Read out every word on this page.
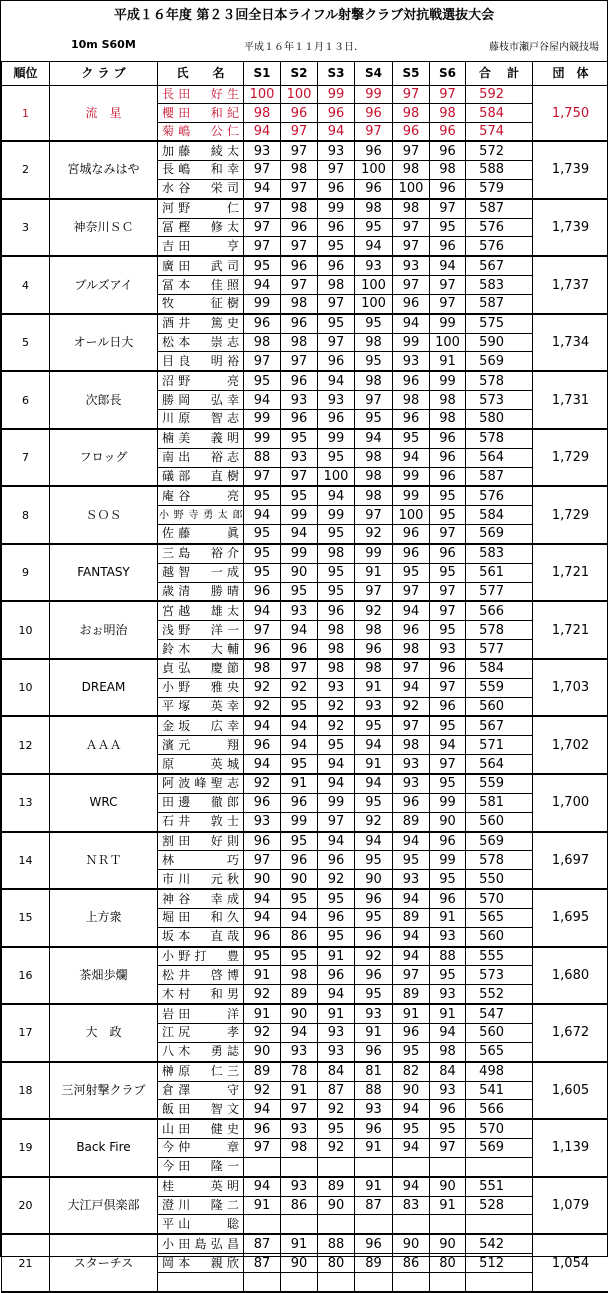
平成１６年度 第２３回全日本ライフル射撃クラブ対抗戦選抜大会
10m S60M	平成１６年１１月１３日.	藤枝市瀬戸谷屋内競技場
順位	ク ラ ブ	氏　　名	S1	S2	S3	S4	S5	S6	合　 計	団　体
1	流　星	長田　好生	100	100	99	99	97	97	592	1,750
		櫻田　和紀	98	96	96	96	98	98	584	
		菊嶋　公仁	94	97	94	97	96	96	574	
2	宮城なみはや	加藤　綾太	93	97	93	96	97	96	572	1,739
		長嶋　和幸	97	98	97	100	98	98	588	
		水谷　栄司	94	97	96	96	100	96	579	
3	神奈川ＳＣ	河野　　仁	97	98	99	98	98	97	587	1,739
		冨樫　修太	97	96	96	95	97	95	576	
		吉田　　亨	97	97	95	94	97	96	576	
4	ブルズアイ	廣田　武司	95	96	96	93	93	94	567	1,737
		冨本　佳照	94	97	98	100	97	97	583	
		牧　　征樹	99	98	97	100	96	97	587	
5	オール日大	酒井　篤史	96	96	95	95	94	99	575	1,734
		松本　崇志	98	98	97	98	99	100	590	
		目良　明裕	97	97	96	95	93	91	569	
6	次郎長	沼野　　亮	95	96	94	98	96	99	578	1,731
		勝岡　弘幸	94	93	93	97	98	98	573	
		川原　智志	99	96	96	95	96	98	580	
7	フロッグ	楠美　義明	99	95	99	94	95	96	578	1,729
		南出　裕志	88	93	95	98	94	96	564	
		礒部　直樹	97	97	100	98	99	96	587	
8	ＳＯＳ	庵谷　　亮	95	95	94	98	99	95	576	1,729
		小野寺勇太郎	94	99	99	97	100	95	584	
		佐藤　　眞	95	94	95	92	96	97	569	
9	FANTASY	三島　裕介	95	99	98	99	96	96	583	1,721
		越智　一成	95	90	95	91	95	95	561	
		歳清　勝晴	96	95	95	97	97	97	577	
10	おぉ明治	宮越　雄太	94	93	96	92	94	97	566	1,721
		浅野　洋一	97	94	98	98	96	95	578	
		鈴木　大輔	96	96	98	96	98	93	577	
10	DREAM	貞弘　慶節	98	97	98	98	97	96	584	1,703
		小野　雅央	92	92	93	91	94	97	559	
		平塚　英幸	92	95	92	93	92	96	560	
12	ＡＡＡ	金坂　広幸	94	94	92	95	97	95	567	1,702
		濱元　　翔	96	94	95	94	98	94	571	
		原　　英城	94	95	94	91	93	97	564	
13	WRC	阿波峰聖志	92	91	94	94	93	95	559	1,700
		田邊　徹郎	96	96	99	95	96	99	581	
		石井　敦士	93	99	97	92	89	90	560	
14	ＮＲＴ	割田　好則	96	95	94	94	94	96	569	1,697
		林　　　巧	97	96	96	95	95	99	578	
		市川　元秋	90	90	92	90	93	95	550	
15	上方衆	神谷　幸成	94	95	95	96	94	96	570	1,695
		堀田　和久	94	94	96	95	89	91	565	
		坂本　直哉	96	86	95	96	94	93	560	
16	茶畑歩爛	小野打　豊	95	95	91	92	94	88	555	1,680
		松井　啓博	91	98	96	96	97	95	573	
		木村　和男	92	89	94	95	89	93	552	
17	大　政	岩田　　洋	91	90	91	93	91	91	547	1,672
		江尻　　孝	92	94	93	91	96	94	560	
		八木　勇誌	90	93	93	96	95	98	565	
18	三河射撃クラブ	榊原　仁三	89	78	84	81	82	84	498	1,605
		倉澤　　守	92	91	87	88	90	93	541	
		飯田　智文	94	97	92	93	94	96	566	
19	Back Fire	山田　健史	96	93	95	96	95	95	570	1,139
		今仲　　章	97	98	92	91	94	97	569	
		今田　隆一								
20	大江戸倶楽部	桂　　英明	94	93	89	91	94	90	551	1,079
		澄川　隆二	91	86	90	87	83	91	528	
		平山　　聡								
21	スターチス	小田島弘昌	87	91	88	96	90	90	542	1,054
		岡本　親欣	87	90	80	89	86	80	512	
